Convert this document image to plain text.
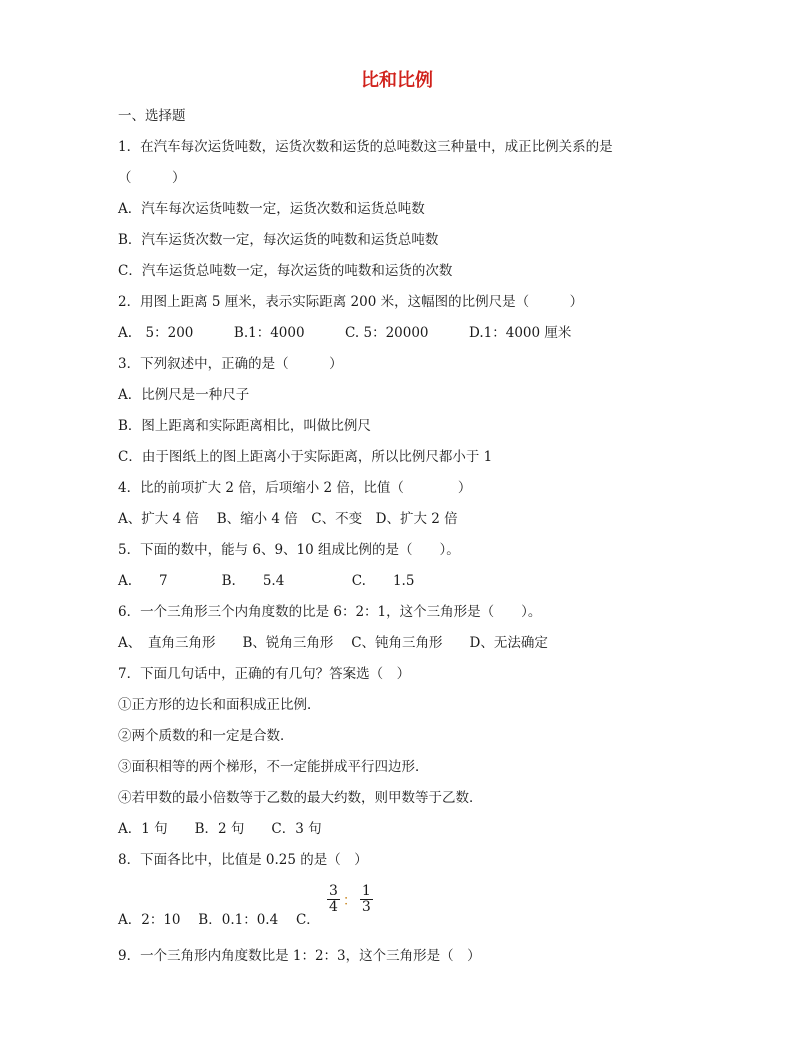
比和比例
一、选择题
1．在汽车每次运货吨数，运货次数和运货的总吨数这三种量中，成正比例关系的是
（　　　）
A．汽车每次运货吨数一定，运货次数和运货总吨数
B．汽车运货次数一定，每次运货的吨数和运货总吨数
C．汽车运货总吨数一定，每次运货的吨数和运货的次数
2．用图上距离 5 厘米，表示实际距离 200 米，这幅图的比例尺是（　　　）
A.　5：200　　　B.1：4000　　　C. 5：20000　　　D.1：4000 厘米
3．下列叙述中，正确的是（　　　）
A．比例尺是一种尺子
B．图上距离和实际距离相比，叫做比例尺
C．由于图纸上的图上距离小于实际距离，所以比例尺都小于 1
4．比的前项扩大 2 倍，后项缩小 2 倍，比值（　　　　）
A、扩大 4 倍　 B、缩小 4 倍　C、不变　D、扩大 2 倍
5．下面的数中，能与 6、9、10 组成比例的是（　　）。
A.　　7　　　　B.　　5.4　　　　　C.　　1.5
6．一个三角形三个内角度数的比是 6：2：1，这个三角形是（　　）。
A、　直角三角形　　B、锐角三角形　 C、钝角三角形　　D、无法确定
7．下面几句话中，正确的有几句？答案选（　）
①正方形的边长和面积成正比例．
②两个质数的和一定是合数．
③面积相等的两个梯形，不一定能拼成平行四边形．
④若甲数的最小倍数等于乙数的最大约数，则甲数等于乙数．
A．1 句　　B．2 句　　C．3 句
8．下面各比中，比值是 0.25 的是（　）
A．2：10　 B．0.1：0.4　 C．
$\frac{3}{4}$ ： $\frac{1}{3}$
9．一个三角形内角度数比是 1：2：3，这个三角形是（　）
